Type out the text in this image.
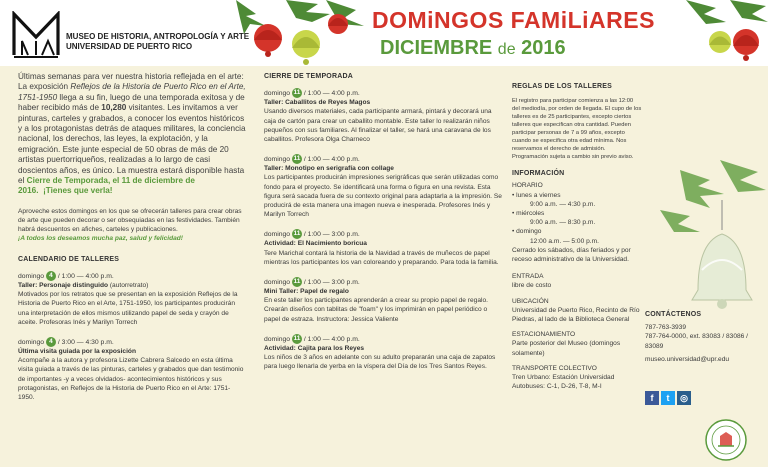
MUSEO DE HISTORIA, ANTROPOLOGÍA Y ARTE
UNIVERSIDAD DE PUERTO RICO
DOMiNGOS FAMiLiARES
DICIEMBRE de 2016

Últimas semanas para ver nuestra historia reflejada en el arte: La exposición Reflejos de la Historia de Puerto Rico en el Arte, 1751-1950 llega a su fin, luego de una temporada exitosa y de haber recibido más de 10,280 visitantes. Les invitamos a ver pinturas, carteles y grabados, a conocer los eventos históricos y a los protagonistas detrás de ataques militares, la conciencia nacional, los derechos, las leyes, la explotación, y la emigración. Este junte especial de 50 obras de más de 20 artistas puertorriqueños, realizadas a lo largo de casi doscientos años, es único. La muestra estará disponible hasta el Cierre de Temporada, el 11 de diciembre de 2016. ¡Tienes que verla!

Aproveche estos domingos en los que se ofrecerán talleres para crear obras de arte que pueden decorar o ser obsequiadas en las festividades. También habrá descuentos en afiches, carteles y publicaciones.
¡A todos los deseamos mucha paz, salud y felicidad!

CALENDARIO DE TALLERES
domingo 4 / 1:00 — 4:00 p.m.
Taller: Personaje distinguido (autorretrato)
Motivados por los retratos que se presentan en la exposición Reflejos de la Historia de Puerto Rico en el Arte, 1751-1950, los participantes producirán una interpretación de ellos mismos utilizando papel de seda y crayón de aceite. Profesoras Inés y Marilyn Torrech
domingo 4 / 3:00 — 4:30 p.m.
Última visita guiada por la exposición
Acompañe a la autora y profesora Lizette Cabrera Salcedo en esta última visita guiada a través de las pinturas, carteles y grabados que dan testimonio de importantes -y a veces olvidados- acontecimientos históricos y sus protagonistas, en Reflejos de la Historia de Puerto Rico en el Arte: 1751-1950.
CIERRE DE TEMPORADA
domingo 11 / 1:00 — 4:00 p.m.
Taller: Caballitos de Reyes Magos
Usando diversos materiales, cada participante armará, pintará y decorará una caja de cartón para crear un caballito montable. Este taller lo realizarán niños pequeños con sus familiares. Al finalizar el taller, se hará una caravana de los caballitos. Profesora Olga Charneco
domingo 11 / 1:00 — 4:00 p.m.
Taller: Monotipo en serigrafía con collage
Los participantes producirán impresiones serigráficas que serán utilizadas como fondo para el proyecto. Se identificará una forma o figura en una revista. Esta figura será sacada fuera de su contexto original para adaptarla a la impresión. Se producirá de esta manera una imagen nueva e inesperada. Profesores Inés y Marilyn Torrech
domingo 11 / 1:00 — 3:00 p.m.
Actividad: El Nacimiento boricua
Tere Marichal contará la historia de la Navidad a través de muñecos de papel mientras los participantes los van coloreando y preparando. Para toda la familia.
domingo 11 / 1:00 — 3:00 p.m.
Mini Taller: Papel de regalo
En este taller los participantes aprenderán a crear su propio papel de regalo. Crearán diseños con tablitas de "foam" y los imprimirán en papel periódico o papel de estraza. Instructora: Jessica Valiente
domingo 11 / 1:00 — 4:00 p.m.
Actividad: Cajita para los Reyes
Los niños de 3 años en adelante con su adulto prepararán una caja de zapatos para luego llenarla de yerba en la víspera del Día de los Tres Santos Reyes.
REGLAS DE LOS TALLERES

El registro para participar comienza a las 12:00 del mediodía, por orden de llegada. El cupo de los talleres es de 25 participantes, excepto ciertos talleres que especifican otra cantidad. Pueden participar personas de 7 a 99 años, excepto cuando se especifica otra edad mínima. Nos reservamos el derecho de admisión. Programación sujeta a cambio sin previo aviso.

INFORMACIÓN
HORARIO
• lunes a viernes
9:00 a.m. — 4:30 p.m.
• miércoles
9:00 a.m. — 8:30 p.m.
• domingo
12:00 a.m. — 5:00 p.m.
Cerrado los sábados, días feriados y por receso administrativo de la Universidad.
ENTRADA
libre de costo
UBICACIÓN
Universidad de Puerto Rico, Recinto de Río Piedras, al lado de la Biblioteca General
ESTACIONAMIENTO
Parte posterior del Museo (domingos solamente)
TRANSPORTE COLECTIVO
Tren Urbano: Estación Universidad
Autobuses: C-1, D-26, T-8, M-I
CONTÁCTENOS
787-763-3939
787-764-0000, ext. 83083 / 83086 / 83089
museo.universidad@upr.edu
f t ◎
